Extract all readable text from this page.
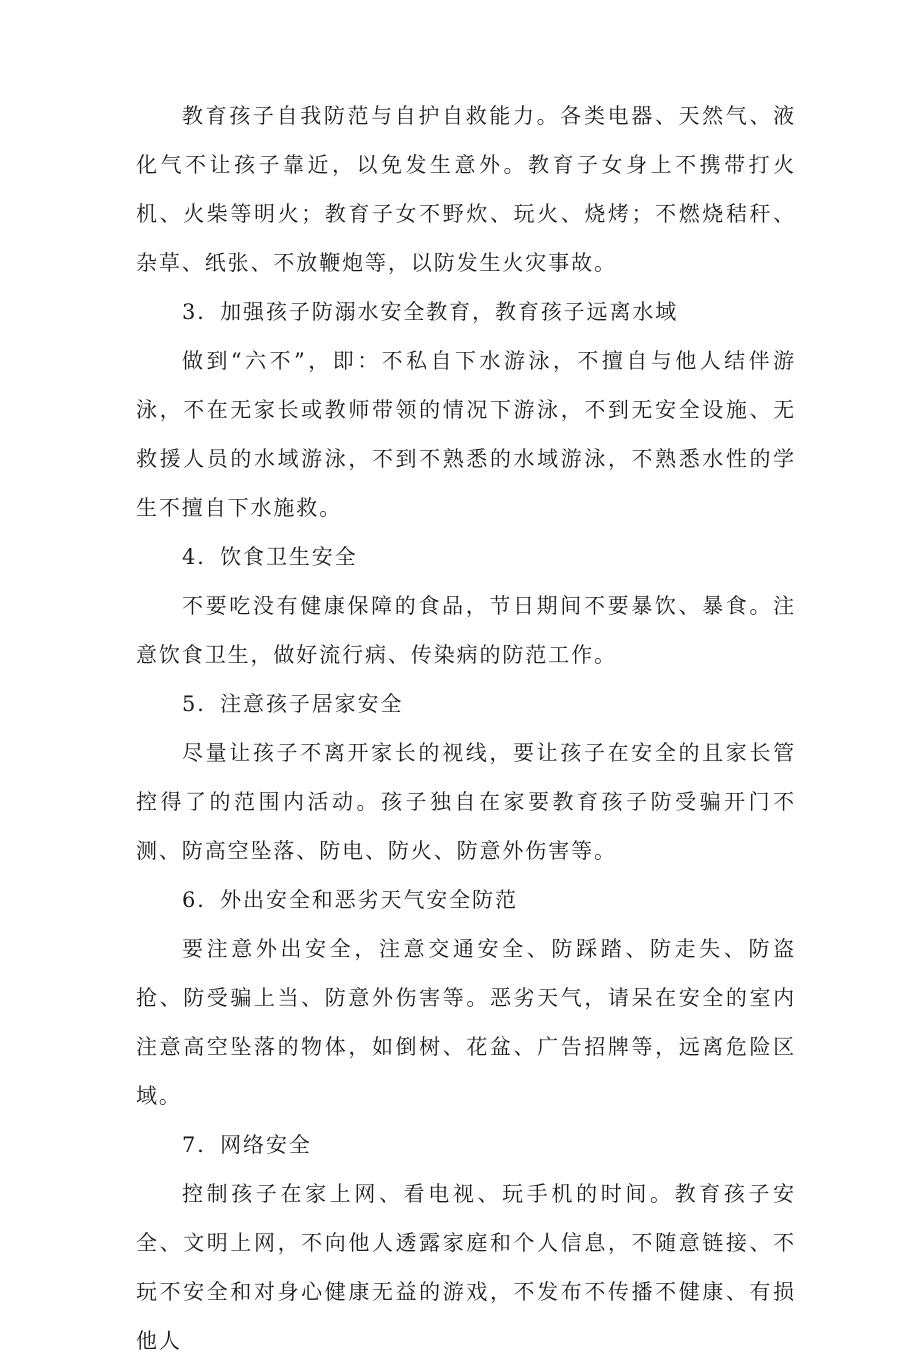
教育孩子自我防范与自护自救能力。各类电器、天然气、液化气不让孩子靠近，以免发生意外。教育子女身上不携带打火机、火柴等明火；教育子女不野炊、玩火、烧烤；不燃烧秸秆、杂草、纸张、不放鞭炮等，以防发生火灾事故。

3．加强孩子防溺水安全教育，教育孩子远离水域

做到“六不”，即：不私自下水游泳，不擅自与他人结伴游泳，不在无家长或教师带领的情况下游泳，不到无安全设施、无救援人员的水域游泳，不到不熟悉的水域游泳，不熟悉水性的学生不擅自下水施救。

4．饮食卫生安全

不要吃没有健康保障的食品，节日期间不要暴饮、暴食。注意饮食卫生，做好流行病、传染病的防范工作。

5．注意孩子居家安全

尽量让孩子不离开家长的视线，要让孩子在安全的且家长管控得了的范围内活动。孩子独自在家要教育孩子防受骗开门不测、防高空坠落、防电、防火、防意外伤害等。

6．外出安全和恶劣天气安全防范

要注意外出安全，注意交通安全、防踩踏、防走失、防盗抢、防受骗上当、防意外伤害等。恶劣天气，请呆在安全的室内注意高空坠落的物体，如倒树、花盆、广告招牌等，远离危险区域。

7．网络安全

控制孩子在家上网、看电视、玩手机的时间。教育孩子安全、文明上网，不向他人透露家庭和个人信息，不随意链接、不玩不安全和对身心健康无益的游戏，不发布不传播不健康、有损他人
